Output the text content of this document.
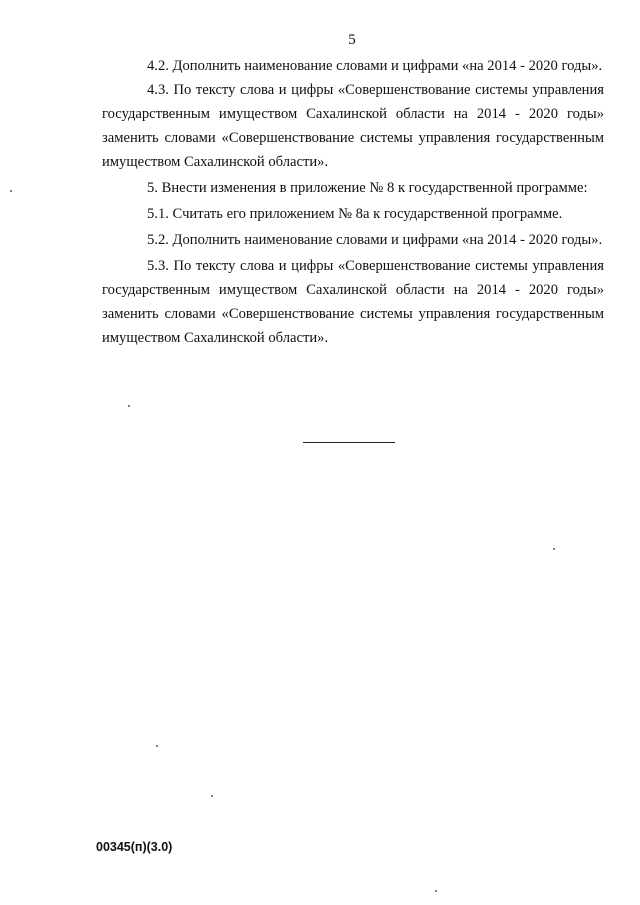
5

4.2. Дополнить наименование словами и цифрами «на 2014 - 2020 годы».

4.3. По тексту слова и цифры «Совершенствование системы управления государственным имуществом Сахалинской области на 2014 - 2020 годы» заменить словами «Совершенствование системы управления государственным имуществом Сахалинской области».

5. Внести изменения в приложение № 8 к государственной программе:

5.1. Считать его приложением № 8а к государственной программе.

5.2. Дополнить наименование словами и цифрами «на 2014 - 2020 годы».

5.3. По тексту слова и цифры «Совершенствование системы управления государственным имуществом Сахалинской области на 2014 - 2020 годы» заменить словами «Совершенствование системы управления государственным имуществом Сахалинской области».

00345(п)(3.0)
